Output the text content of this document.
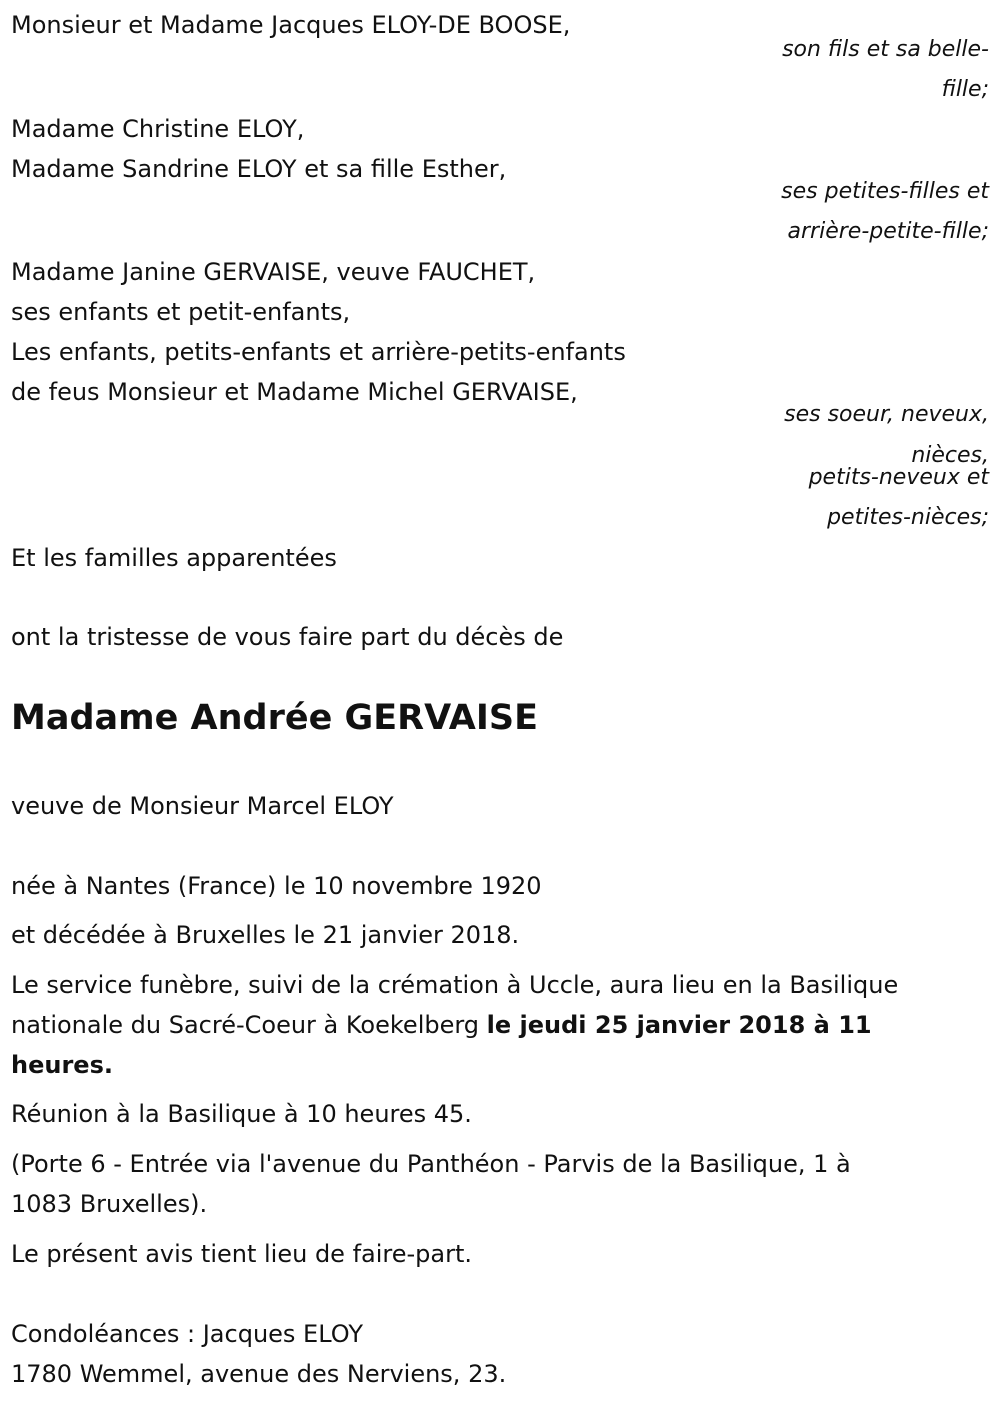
Monsieur et Madame Jacques ELOY-DE BOOSE,
son fils et sa belle-
fille;
Madame Christine ELOY,
Madame Sandrine ELOY et sa fille Esther,
ses petites-filles et
arrière-petite-fille;
Madame Janine GERVAISE, veuve FAUCHET,
ses enfants et petit-enfants,
Les enfants, petits-enfants et arrière-petits-enfants
de feus Monsieur et Madame Michel GERVAISE,
ses soeur, neveux,
nièces,
petits-neveux et
petites-nièces;
Et les familles apparentées
ont la tristesse de vous faire part du décès de
Madame Andrée GERVAISE
veuve de Monsieur Marcel ELOY
née à Nantes (France) le 10 novembre 1920
et décédée à Bruxelles le 21 janvier 2018.
Le service funèbre, suivi de la crémation à Uccle, aura lieu en la Basilique
nationale du Sacré-Coeur à Koekelberg le jeudi 25 janvier 2018 à 11
heures.
Réunion à la Basilique à 10 heures 45.
(Porte 6 - Entrée via l'avenue du Panthéon - Parvis de la Basilique, 1 à
1083 Bruxelles).
Le présent avis tient lieu de faire-part.
Condoléances : Jacques ELOY
1780 Wemmel, avenue des Nerviens, 23.
